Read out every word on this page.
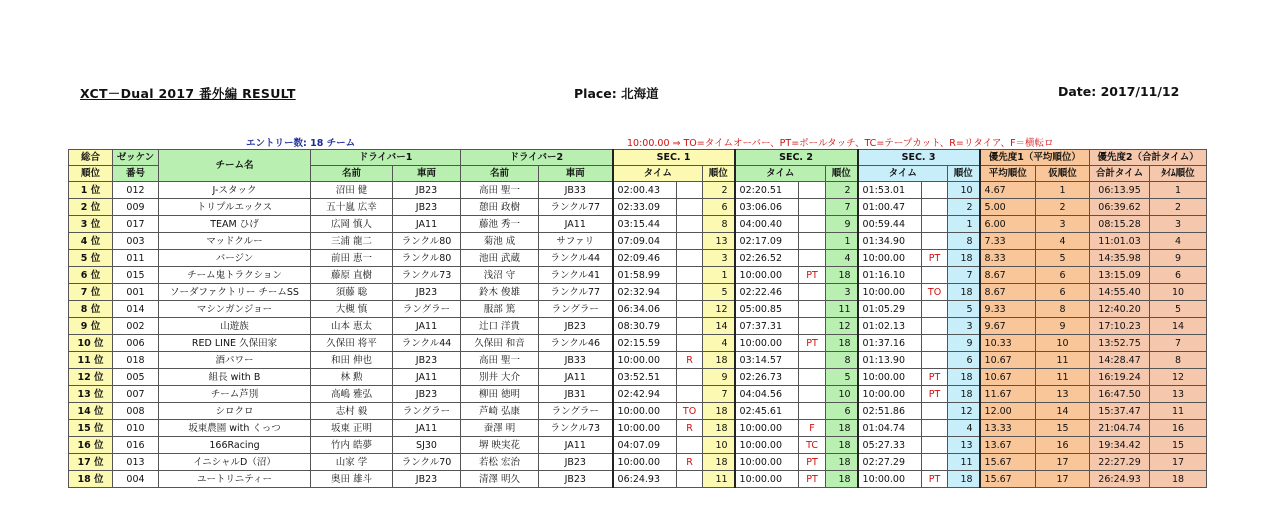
XCT－Dual 2017 番外編 RESULT	Place: 北海道	Date: 2017/11/12
エントリー数: 18 チーム	10:00.00 ⇒ TO=タイムオーバー、PT=ポールタッチ、TC=テープカット、R=リタイア、F＝横転ロ
総合	ゼッケン	チーム名	ドライバー1		ドライバー2		SEC. 1			SEC. 2			SEC. 3			優先度1（平均順位）		優先度2（合計タイム）	
順位	番号		名前	車両	名前	車両	タイム		順位	タイム		順位	タイム		順位	平均順位	仮順位	合計タイム	ﾀｲﾑ順位
1 位	012	J-スタック	沼田 健	JB23	高田 聖一	JB33	02:00.43		2	02:20.51		2	01:53.01		10	4.67	1	06:13.95	1
2 位	009	トリプルエックス	五十嵐 広幸	JB23	憩田 政樹	ランクル77	02:33.09		6	03:06.06		7	01:00.47		2	5.00	2	06:39.62	2
3 位	017	TEAM ひげ	広岡 慎人	JA11	藤池 秀一	JA11	03:15.44		8	04:00.40		9	00:59.44		1	6.00	3	08:15.28	3
4 位	003	マッドクルー	三浦 龍二	ランクル80	菊池 成	サファリ	07:09.04		13	02:17.09		1	01:34.90		8	7.33	4	11:01.03	4
5 位	011	バージン	前田 恵一	ランクル80	池田 武蔵	ランクル44	02:09.46		3	02:26.52		4	10:00.00	PT	18	8.33	5	14:35.98	9
6 位	015	チーム鬼トラクション	藤原 直樹	ランクル73	浅沼 守	ランクル41	01:58.99		1	10:00.00	PT	18	01:16.10		7	8.67	6	13:15.09	6
7 位	001	ソーダファクトリー チームSS	須藤 聡	JB23	鈴木 俊雄	ランクル77	02:32.94		5	02:22.46		3	10:00.00	TO	18	8.67	6	14:55.40	10
8 位	014	マシンガンジョー	大槻 慎	ラングラー	服部 篤	ラングラー	06:34.06		12	05:00.85		11	01:05.29		5	9.33	8	12:40.20	5
9 位	002	山遊族	山本 恵太	JA11	辻口 洋貴	JB23	08:30.79		14	07:37.31		12	01:02.13		3	9.67	9	17:10.23	14
10 位	006	RED LINE 久保田家	久保田 将平	ランクル44	久保田 和音	ランクル46	02:15.59		4	10:00.00	PT	18	01:37.16		9	10.33	10	13:52.75	7
11 位	018	酒パワー	和田 伸也	JB23	高田 聖一	JB33	10:00.00	R	18	03:14.57		8	01:13.90		6	10.67	11	14:28.47	8
12 位	005	組長 with B	林 勲	JA11	別井 大介	JA11	03:52.51		9	02:26.73		5	10:00.00	PT	18	10.67	11	16:19.24	12
13 位	007	チーム芦別	高嶋 雅弘	JB23	柳田 徳明	JB31	02:42.94		7	04:04.56		10	10:00.00	PT	18	11.67	13	16:47.50	13
14 位	008	シロクロ	志村 毅	ラングラー	芦崎 弘康	ラングラー	10:00.00	TO	18	02:45.61		6	02:51.86		12	12.00	14	15:37.47	11
15 位	010	坂東農園 with くっつ	坂東 正明	JA11	蚕澤 明	ランクル73	10:00.00	R	18	10:00.00	F	18	01:04.74		4	13.33	15	21:04.74	16
16 位	016	166Racing	竹内 皓夢	SJ30	堺 映実花	JA11	04:07.09		10	10:00.00	TC	18	05:27.33		13	13.67	16	19:34.42	15
17 位	013	イニシャルD（沼）	山家 学	ランクル70	若松 宏治	JB23	10:00.00	R	18	10:00.00	PT	18	02:27.29		11	15.67	17	22:27.29	17
18 位	004	ユートリニティー	奥田 雄斗	JB23	清澤 明久	JB23	06:24.93		11	10:00.00	PT	18	10:00.00	PT	18	15.67	17	26:24.93	18
